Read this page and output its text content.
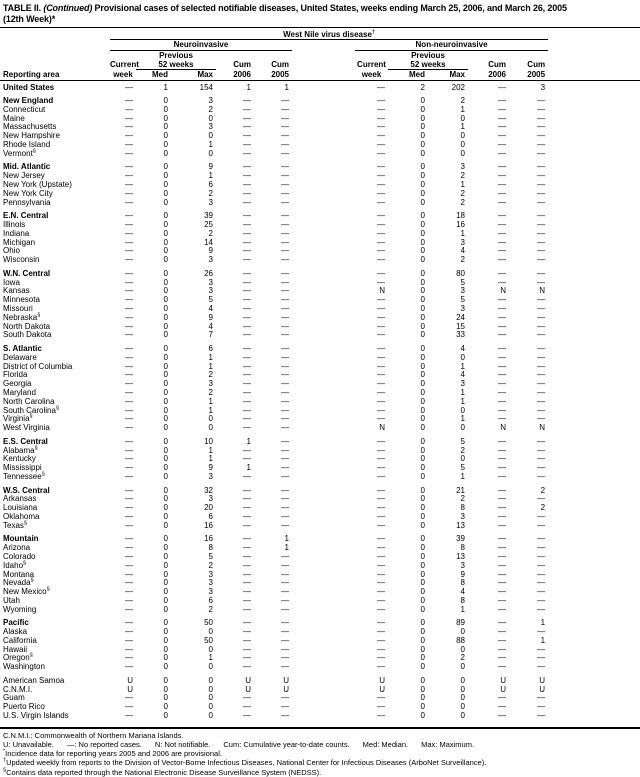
TABLE II. (Continued) Provisional cases of selected notifiable diseases, United States, weeks ending March 25, 2006, and March 26, 2005
(12th Week)*
	West Nile virus disease†	
	Neuroinvasive						Non-neuroinvasive					
		Previous						Previous				
	Current	52 weeks		Cum	Cum		Current	52 weeks		Cum	Cum	
Reporting area	week	Med	Max	2006	2005		week	Med	Max	2006	2005	
United States	—	1	154	1	1		—	2	202	—	3	
New England	—	0	3	—	—		—	0	2	—	—	
Connecticut	—	0	2	—	—		—	0	1	—	—	
Maine	—	0	0	—	—		—	0	0	—	—	
Massachusetts	—	0	3	—	—		—	0	1	—	—	
New Hampshire	—	0	0	—	—		—	0	0	—	—	
Rhode Island	—	0	1	—	—		—	0	0	—	—	
Vermont§	—	0	0	—	—		—	0	0	—	—	
Mid. Atlantic	—	0	9	—	—		—	0	3	—	—	
New Jersey	—	0	1	—	—		—	0	2	—	—	
New York (Upstate)	—	0	6	—	—		—	0	1	—	—	
New York City	—	0	2	—	—		—	0	2	—	—	
Pennsylvania	—	0	3	—	—		—	0	2	—	—	
E.N. Central	—	0	39	—	—		—	0	18	—	—	
Illinois	—	0	25	—	—		—	0	16	—	—	
Indiana	—	0	2	—	—		—	0	1	—	—	
Michigan	—	0	14	—	—		—	0	3	—	—	
Ohio	—	0	9	—	—		—	0	4	—	—	
Wisconsin	—	0	3	—	—		—	0	2	—	—	
W.N. Central	—	0	26	—	—		—	0	80	—	—	
Iowa	—	0	3	—	—		—	0	5	—	—	
Kansas	—	0	3	—	—		N	0	3	N	N	
Minnesota	—	0	5	—	—		—	0	5	—	—	
Missouri	—	0	4	—	—		—	0	3	—	—	
Nebraska§	—	0	9	—	—		—	0	24	—	—	
North Dakota	—	0	4	—	—		—	0	15	—	—	
South Dakota	—	0	7	—	—		—	0	33	—	—	
S. Atlantic	—	0	6	—	—		—	0	4	—	—	
Delaware	—	0	1	—	—		—	0	0	—	—	
District of Columbia	—	0	1	—	—		—	0	1	—	—	
Florida	—	0	2	—	—		—	0	4	—	—	
Georgia	—	0	3	—	—		—	0	3	—	—	
Maryland	—	0	2	—	—		—	0	1	—	—	
North Carolina	—	0	1	—	—		—	0	1	—	—	
South Carolina§	—	0	1	—	—		—	0	0	—	—	
Virginia§	—	0	0	—	—		—	0	1	—	—	
West Virginia	—	0	0	—	—		N	0	0	N	N	
E.S. Central	—	0	10	1	—		—	0	5	—	—	
Alabama§	—	0	1	—	—		—	0	2	—	—	
Kentucky	—	0	1	—	—		—	0	0	—	—	
Mississippi	—	0	9	1	—		—	0	5	—	—	
Tennessee§	—	0	3	—	—		—	0	1	—	—	
W.S. Central	—	0	32	—	—		—	0	21	—	2	
Arkansas	—	0	3	—	—		—	0	2	—	—	
Louisiana	—	0	20	—	—		—	0	8	—	2	
Oklahoma	—	0	6	—	—		—	0	3	—	—	
Texas§	—	0	16	—	—		—	0	13	—	—	
Mountain	—	0	16	—	1		—	0	39	—	—	
Arizona	—	0	8	—	1		—	0	8	—	—	
Colorado	—	0	5	—	—		—	0	13	—	—	
Idaho§	—	0	2	—	—		—	0	3	—	—	
Montana	—	0	3	—	—		—	0	9	—	—	
Nevada§	—	0	3	—	—		—	0	8	—	—	
New Mexico§	—	0	3	—	—		—	0	4	—	—	
Utah	—	0	6	—	—		—	0	8	—	—	
Wyoming	—	0	2	—	—		—	0	1	—	—	
Pacific	—	0	50	—	—		—	0	89	—	1	
Alaska	—	0	0	—	—		—	0	0	—	—	
California	—	0	50	—	—		—	0	88	—	1	
Hawaii	—	0	0	—	—		—	0	0	—	—	
Oregon§	—	0	1	—	—		—	0	2	—	—	
Washington	—	0	0	—	—		—	0	0	—	—	
American Samoa	U	0	0	U	U		U	0	0	U	U	
C.N.M.I.	U	0	0	U	U		U	0	0	U	U	
Guam	—	0	0	—	—		—	0	0	—	—	
Puerto Rico	—	0	0	—	—		—	0	0	—	—	
U.S. Virgin Islands	—	0	0	—	—		—	0	0	—	—	
C.N.M.I.: Commonwealth of Northern Mariana Islands.
U: Unavailable. —: No reported cases. N: Not notifiable. Cum: Cumulative year-to-date counts. Med: Median. Max: Maximum.
*Incidence data for reporting years 2005 and 2006 are provisional.
†Updated weekly from reports to the Division of Vector-Borne Infectious Diseases, National Center for Infectious Diseases (ArboNet Surveillance).
§Contains data reported through the National Electronic Disease Surveillance System (NEDSS).
